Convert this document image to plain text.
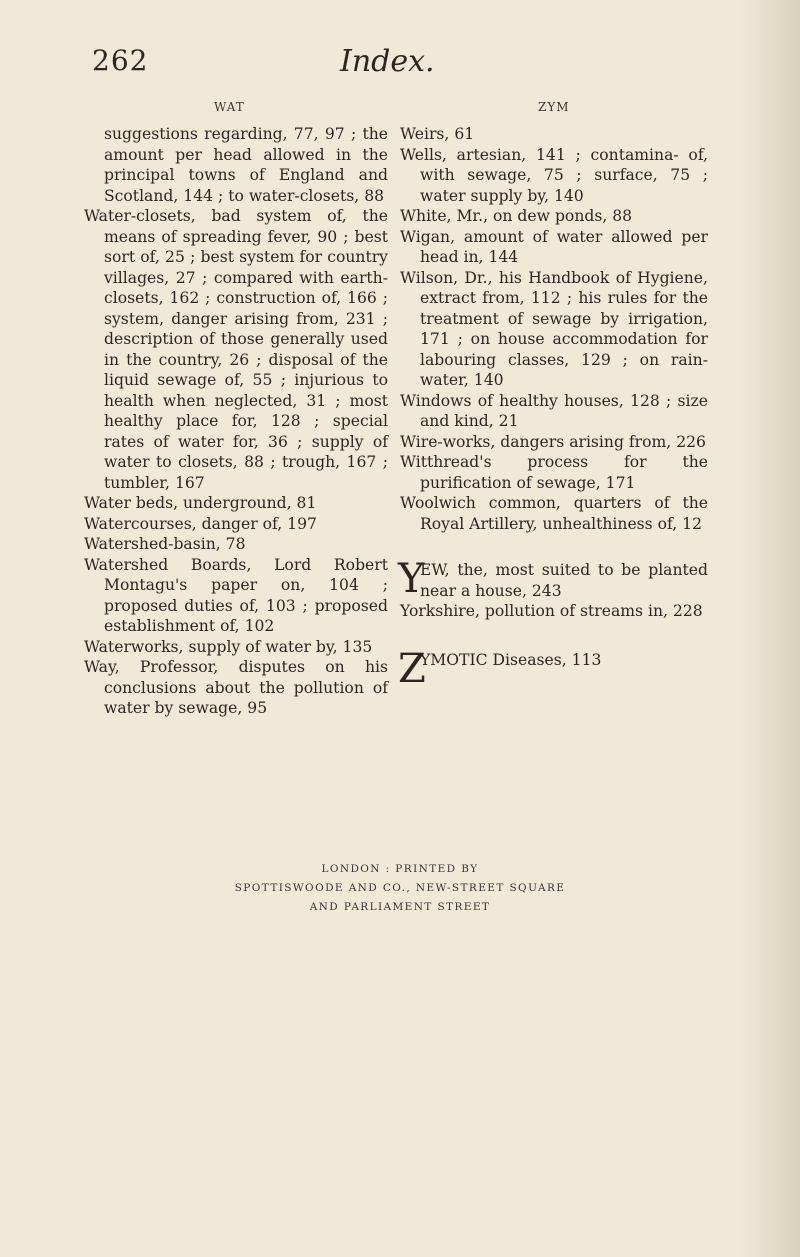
262	Index.
WAT	ZYM
suggestions regarding, 77, 97 ; the amount per head allowed in the principal towns of England and Scotland, 144 ; to water-closets, 88
Water-closets, bad system of, the means of spreading fever, 90 ; best sort of, 25 ; best system for country villages, 27 ; compared with earth-closets, 162 ; construction of, 166 ; system, danger arising from, 231 ; description of those generally used in the country, 26 ; disposal of the liquid sewage of, 55 ; injurious to health when neglected, 31 ; most healthy place for, 128 ; special rates of water for, 36 ; supply of water to closets, 88 ; trough, 167 ; tumbler, 167
Water beds, underground, 81
Watercourses, danger of, 197
Watershed-basin, 78
Watershed Boards, Lord Robert Montagu's paper on, 104 ; proposed duties of, 103 ; proposed establishment of, 102
Waterworks, supply of water by, 135
Way, Professor, disputes on his conclusions about the pollution of water by sewage, 95
Weirs, 61
Wells, artesian, 141 ; contamina- of, with sewage, 75 ; surface, 75 ; water supply by, 140
White, Mr., on dew ponds, 88
Wigan, amount of water allowed per head in, 144
Wilson, Dr., his Handbook of Hygiene, extract from, 112 ; his rules for the treatment of sewage by irrigation, 171 ; on house accommodation for labouring classes, 129 ; on rain-water, 140
Windows of healthy houses, 128 ; size and kind, 21
Wire-works, dangers arising from, 226
Witthread's process for the purification of sewage, 171
Woolwich common, quarters of the Royal Artillery, unhealthiness of, 12
Y
EW, the, most suited to be planted near a house, 243
Yorkshire, pollution of streams in, 228
Z
YMOTIC Diseases, 113
LONDON : PRINTED BY
SPOTTISWOODE AND CO., NEW-STREET SQUARE
AND PARLIAMENT STREET
